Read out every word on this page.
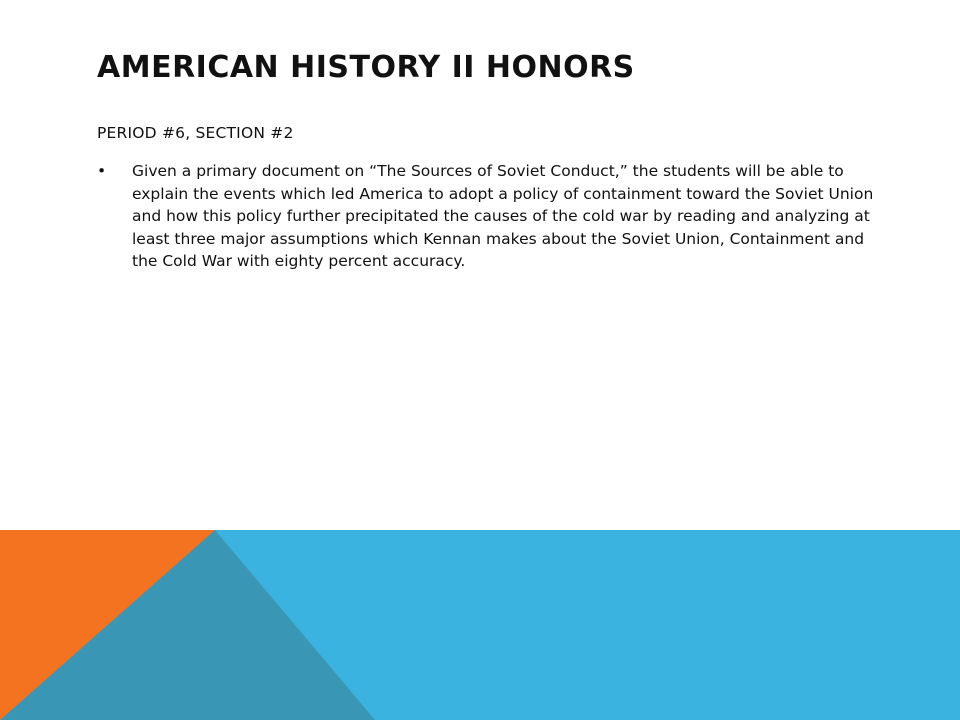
AMERICAN HISTORY II HONORS

PERIOD #6, SECTION #2

•	Given a primary document on “The Sources of Soviet Conduct,” the students will be able to explain the events which led America to adopt a policy of containment toward the Soviet Union and how this policy further precipitated the causes of the cold war by reading and analyzing at least three major assumptions which Kennan makes about the Soviet Union, Containment and the Cold War with eighty percent accuracy.
